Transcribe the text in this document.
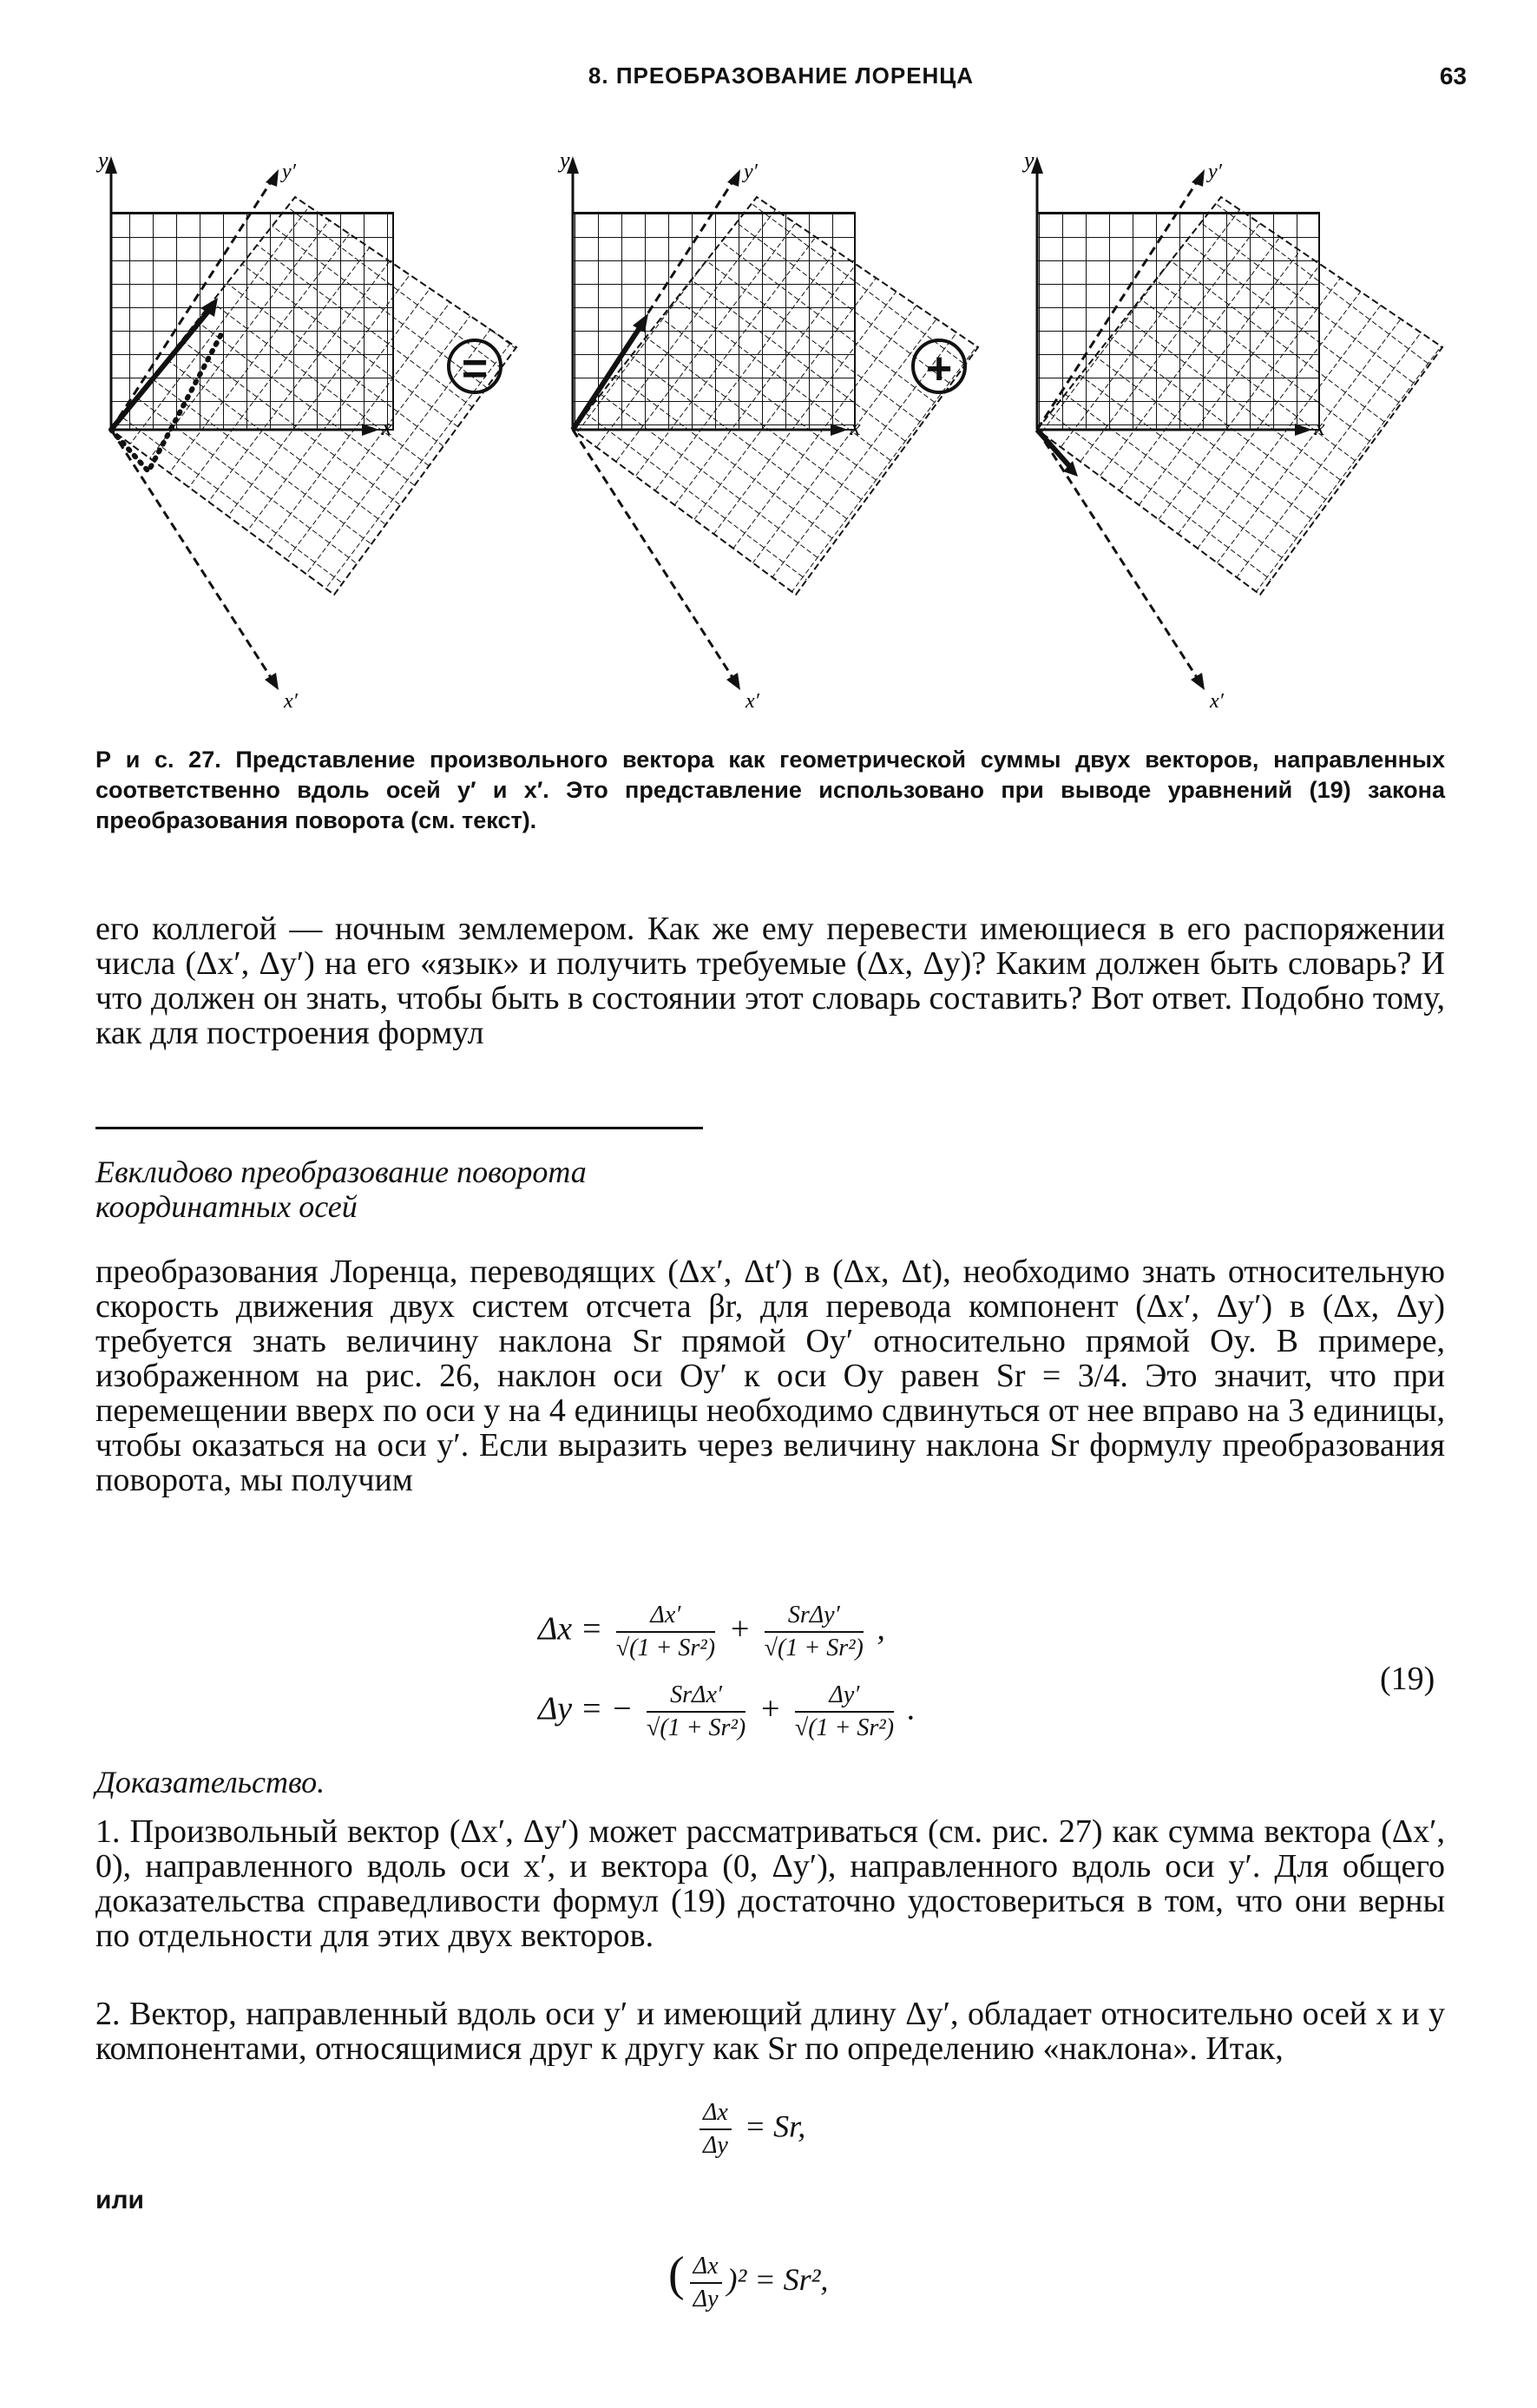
8. ПРЕОБРАЗОВАНИЕ ЛОРЕНЦА	63
y	y′
x
x′
=
y	y′
x
x′
+
y	y′
x
x′
Р и с. 27. Представление произвольного вектора как геометрической суммы двух векторов, направленных соответственно вдоль осей y′ и x′. Это представление использовано при выводе уравнений (19) закона преобразования поворота (см. текст).
его коллегой — ночным землемером. Как же ему перевести имеющиеся в его распоряжении числа (Δx′, Δy′) на его «язык» и получить требуемые (Δx, Δy)? Каким должен быть словарь? И что должен он знать, чтобы быть в состоянии этот словарь составить? Вот ответ. Подобно тому, как для построения формул
Евклидово преобразование поворота
координатных осей
преобразования Лоренца, переводящих (Δx′, Δt′) в (Δx, Δt), необходимо знать относительную скорость движения двух систем отсчета βr, для перевода компонент (Δx′, Δy′) в (Δx, Δy) требуется знать величину наклона Sr прямой Oy′ относительно прямой Oy. В примере, изображенном на рис. 26, наклон оси Oy′ к оси Oy равен Sr = 3/4. Это значит, что при перемещении вверх по оси y на 4 единицы необходимо сдвинуться от нее вправо на 3 единицы, чтобы оказаться на оси y′. Если выразить через величину наклона Sr формулу преобразования поворота, мы получим
$\Delta x = \frac{\Delta x'}{\text{√(1 + Sr²)}} + \frac{\text{SrΔy′}}{\text{√(1 + Sr²)}}$ ,
Δy = − $\frac{\text{SrΔx′}}{\text{√(1 + Sr²)}} + \frac{\Delta y'}{\text{√(1 + Sr²)}}$ .
(19)
Доказательство.
1. Произвольный вектор (Δx′, Δy′) может рассматриваться (см. рис. 27) как сумма вектора (Δx′, 0), направленного вдоль оси x′, и вектора (0, Δy′), направленного вдоль оси y′. Для общего доказательства справедливости формул (19) достаточно удостовериться в том, что они верны по отдельности для этих двух векторов.
2. Вектор, направленный вдоль оси y′ и имеющий длину Δy′, обладает относительно осей x и y компонентами, относящимися друг к другу как Sr по определению «наклона». Итак,
$\frac{\Delta x}{\Delta y} = Sr$,
или
( $\frac{\Delta x}{\Delta y} )^2 = Sr^2$,
